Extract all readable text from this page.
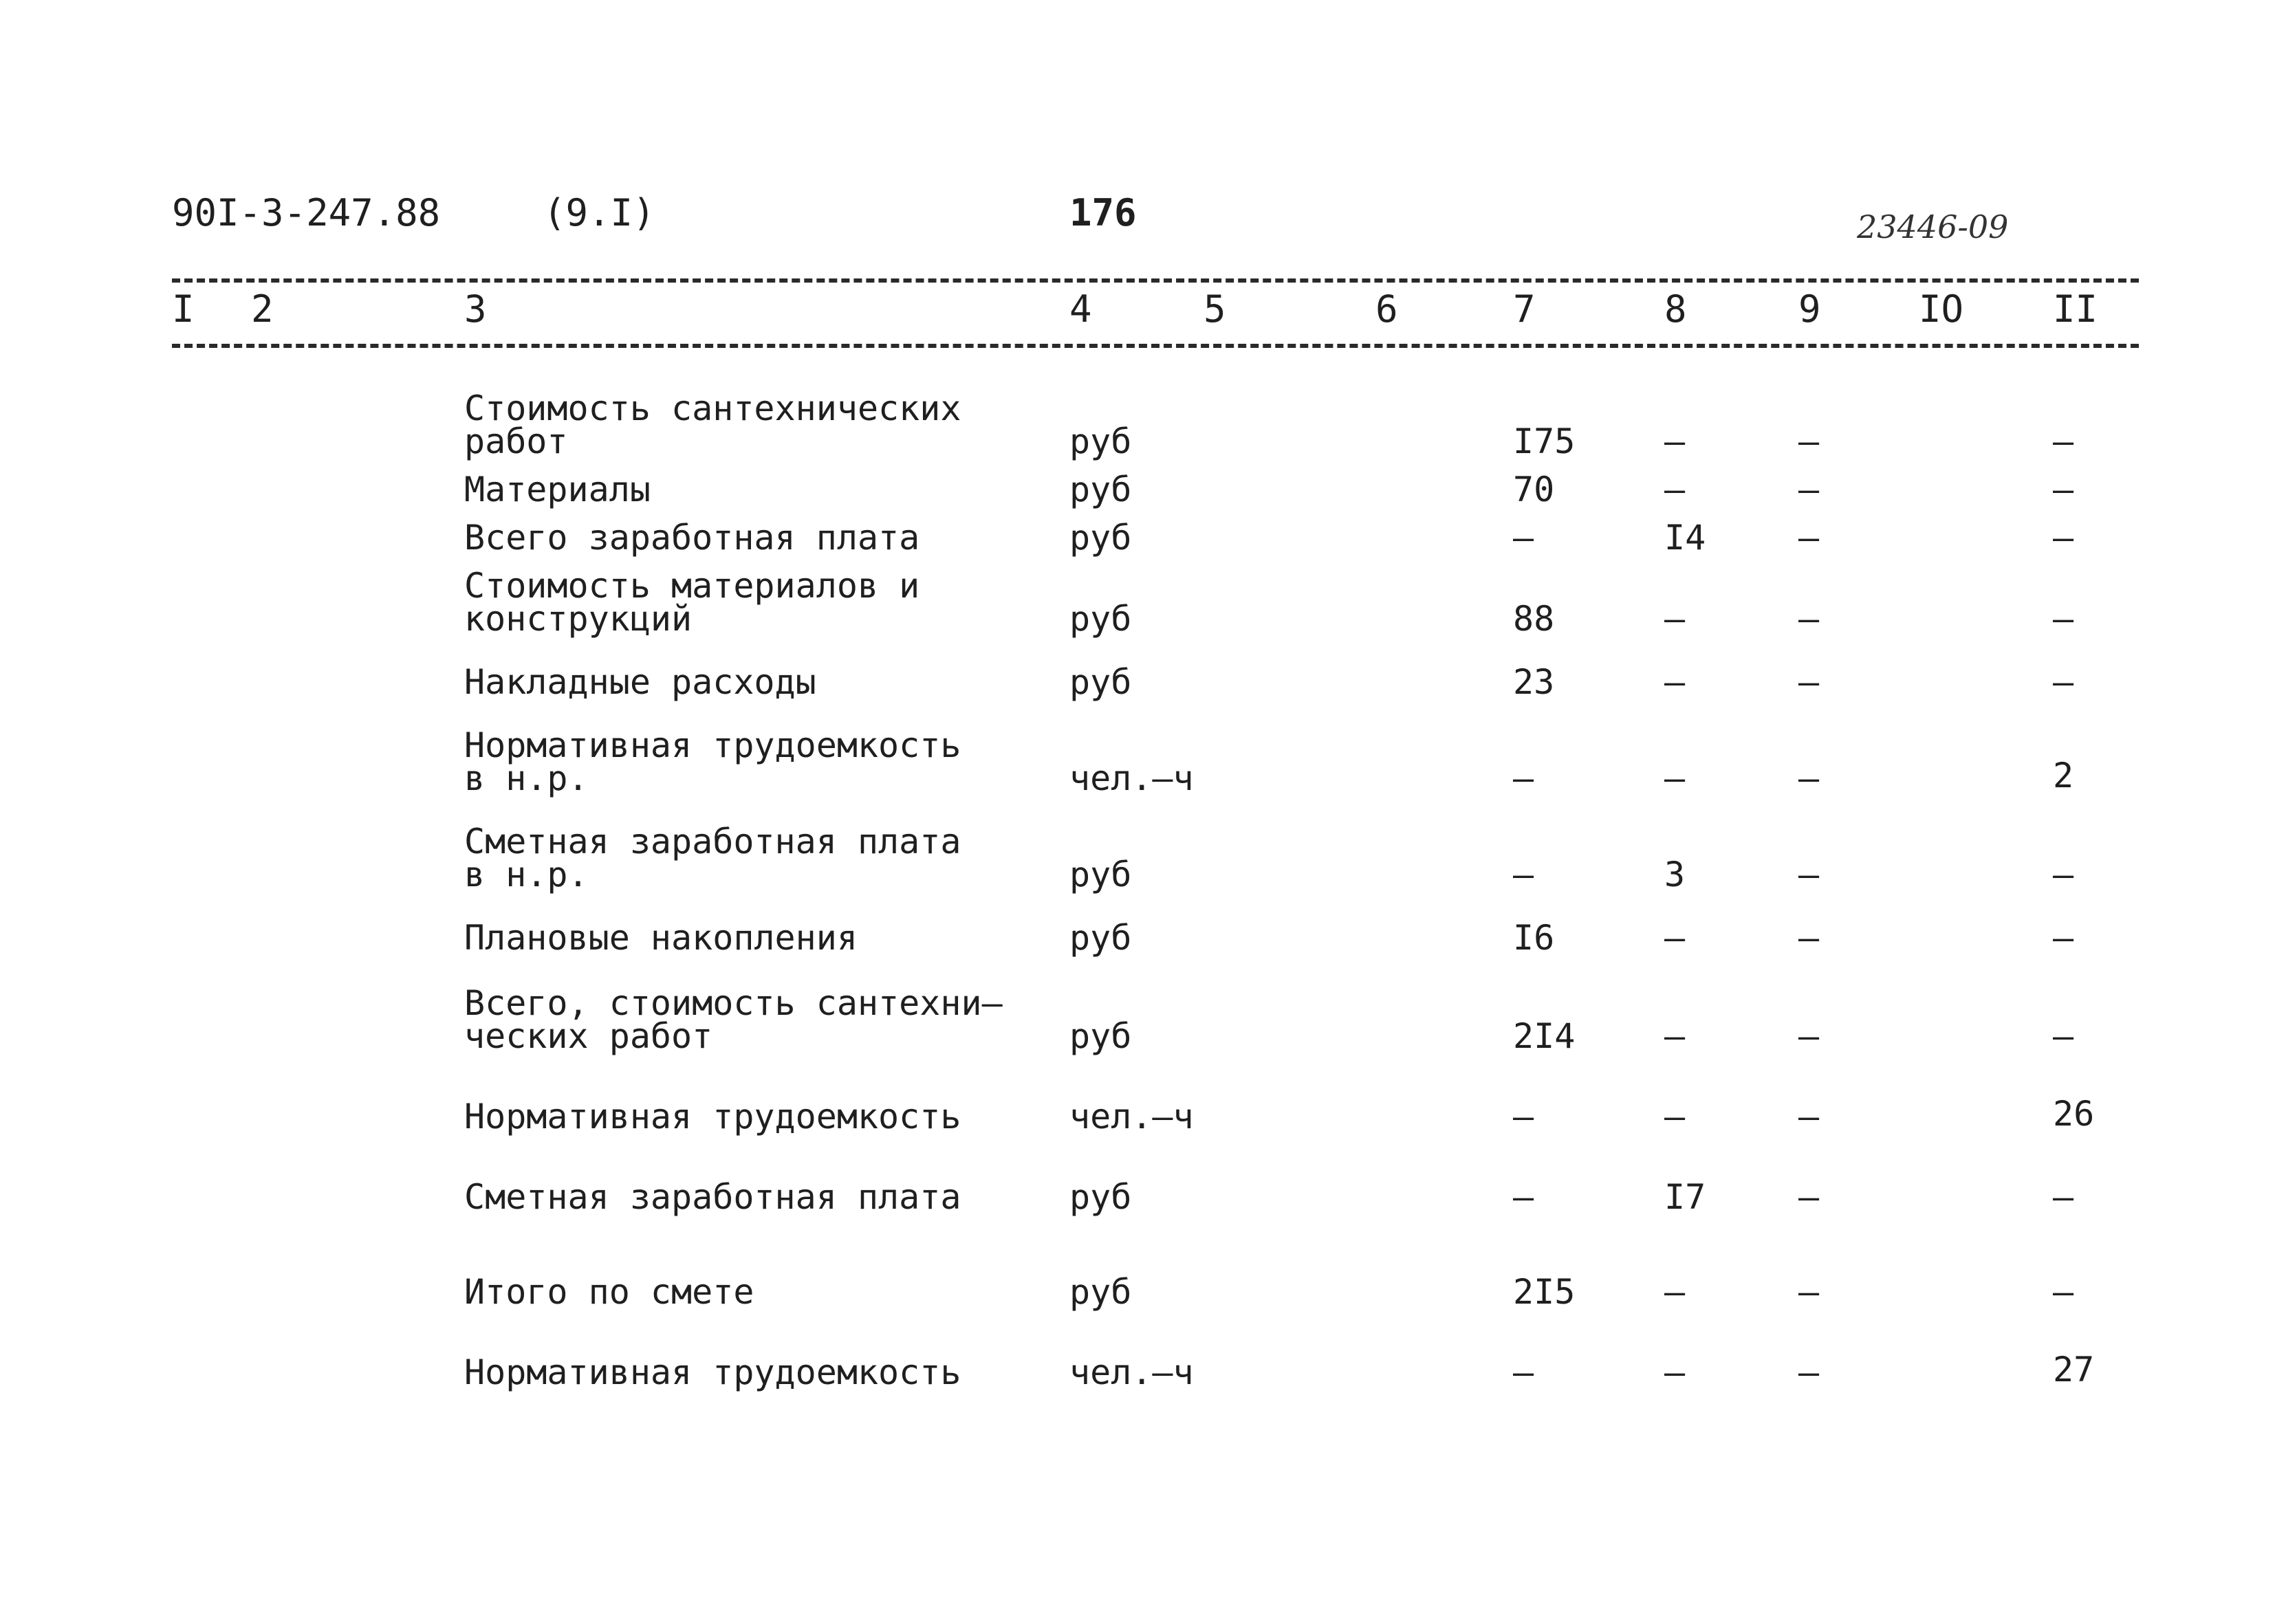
90I-3-247.88	(9.I)	176	23446-09
I 2	3	4	5	6	7	8	9	IO II
Стоимость сантехнических
работ	руб	I75	–	–	–
Материалы	руб	70	–	–	–
Всего заработная плата	руб	–	I4	–	–
Стоимость материалов и
конструкций	руб	88	–	–	–
Накладные расходы	руб	23	–	–	–
Нормативная трудоемкость
в н.р.	чел.–ч	–	–	–	2
Сметная заработная плата
в н.р.	руб	–	3	–	–
Плановые накопления	руб	I6	–	–	–
Всего, стоимость сантехни–
ческих работ	руб	2I4	–	–	–
Нормативная трудоемкость	чел.–ч	–	–	–	26
Сметная заработная плата	руб	–	I7	–	–
Итого по смете	руб	2I5	–	–	–
Нормативная трудоемкость	чел.–ч	–	–	–	27
